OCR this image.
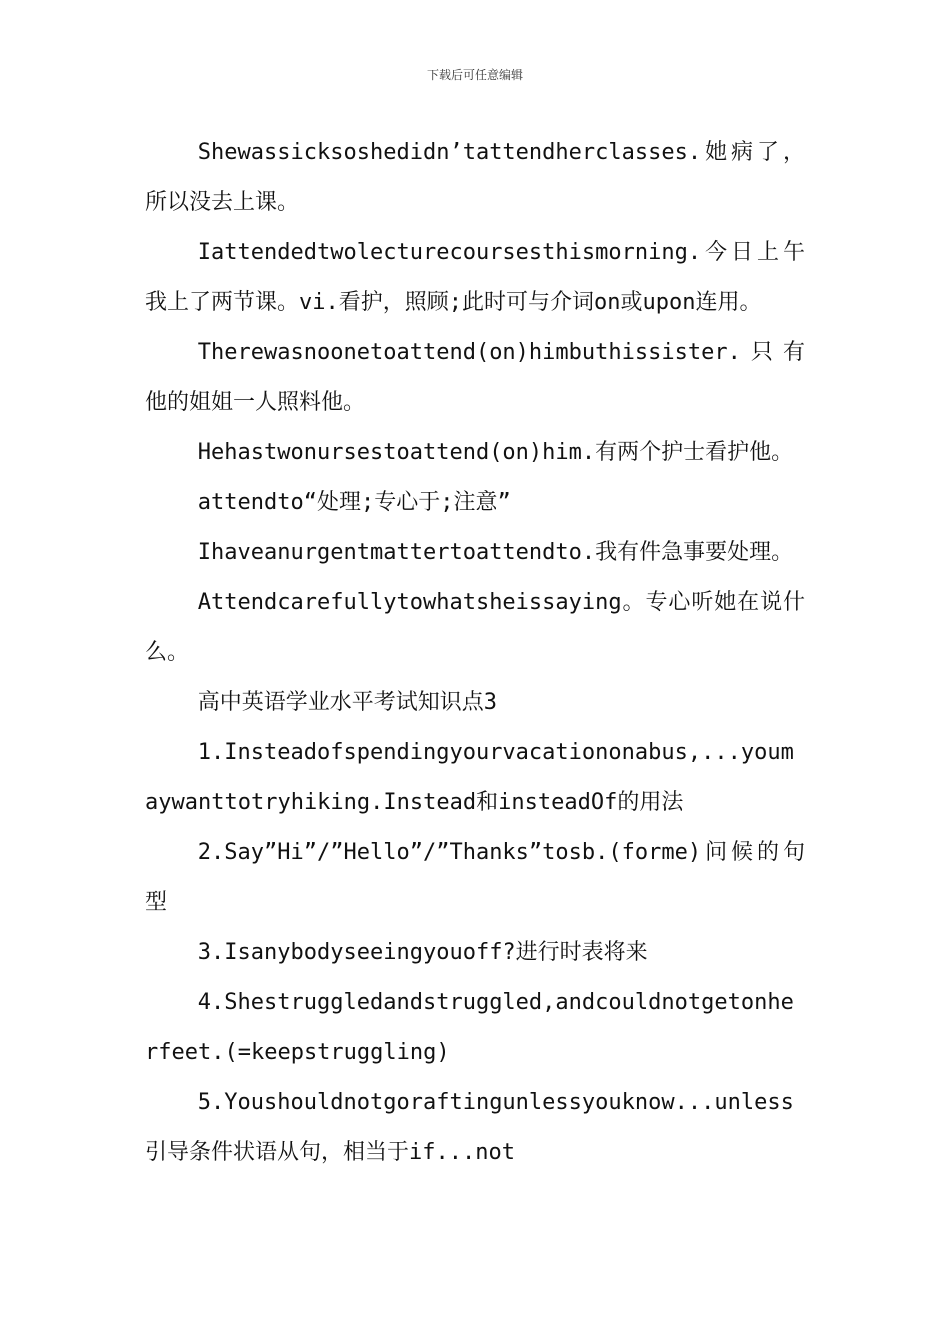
下载后可任意编辑

Shewassicksoshedidn’tattendherclasses.她病了，所以没去上课。

Iattendedtwolecturecoursesthismorning.今日上午我上了两节课。vi.看护，照顾;此时可与介词on或upon连用。

Therewasnoonetoattend(on)himbuthissister.只有他的姐姐一人照料他。

Hehastwonursestoattend(on)him.有两个护士看护他。

attendto“处理;专心于;注意”

Ihaveanurgentmattertoattendto.我有件急事要处理。

Attendcarefullytowhatsheissaying。专心听她在说什么。

高中英语学业水平考试知识点3

1.Insteadofspendingyourvacationonabus,...youmaywanttotryhiking.Instead和insteadOf的用法

2.Say”Hi”/”Hello”/”Thanks”tosb.(forme)问候的句型

3.Isanybodyseeingyouoff?进行时表将来

4.Shestruggledandstruggled,andcouldnotgetonherfeet.(=keepstruggling)

5.Youshouldnotgoraftingunlessyouknow...unless引导条件状语从句，相当于if...not
